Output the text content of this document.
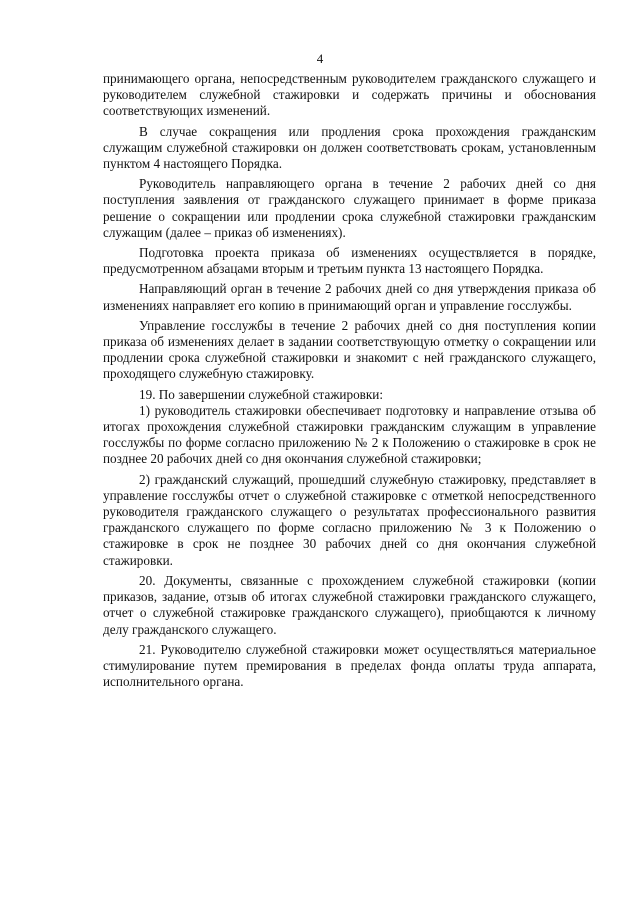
4

принимающего органа, непосредственным руководителем гражданского служащего и руководителем служебной стажировки и содержать причины и обоснования соответствующих изменений.

В случае сокращения или продления срока прохождения гражданским служащим служебной стажировки он должен соответствовать срокам, установленным пунктом 4 настоящего Порядка.

Руководитель направляющего органа в течение 2 рабочих дней со дня поступления заявления от гражданского служащего принимает в форме приказа решение о сокращении или продлении срока служебной стажировки гражданским служащим (далее – приказ об изменениях).

Подготовка проекта приказа об изменениях осуществляется в порядке, предусмотренном абзацами вторым и третьим пункта 13 настоящего Порядка.

Направляющий орган в течение 2 рабочих дней со дня утверждения приказа об изменениях направляет его копию в принимающий орган и управление госслужбы.

Управление госслужбы в течение 2 рабочих дней со дня поступления копии приказа об изменениях делает в задании соответствующую отметку о сокращении или продлении срока служебной стажировки и знакомит с ней гражданского служащего, проходящего служебную стажировку.

19. По завершении служебной стажировки:

1) руководитель стажировки обеспечивает подготовку и направление отзыва об итогах прохождения служебной стажировки гражданским служащим в управление госслужбы по форме согласно приложению № 2 к Положению о стажировке в срок не позднее 20 рабочих дней со дня окончания служебной стажировки;

2) гражданский служащий, прошедший служебную стажировку, представляет в управление госслужбы отчет о служебной стажировке с отметкой непосредственного руководителя гражданского служащего о результатах профессионального развития гражданского служащего по форме согласно приложению № 3 к Положению о стажировке в срок не позднее 30 рабочих дней со дня окончания служебной стажировки.

20. Документы, связанные с прохождением служебной стажировки (копии приказов, задание, отзыв об итогах служебной стажировки гражданского служащего, отчет о служебной стажировке гражданского служащего), приобщаются к личному делу гражданского служащего.

21. Руководителю служебной стажировки может осуществляться материальное стимулирование путем премирования в пределах фонда оплаты труда аппарата, исполнительного органа.
